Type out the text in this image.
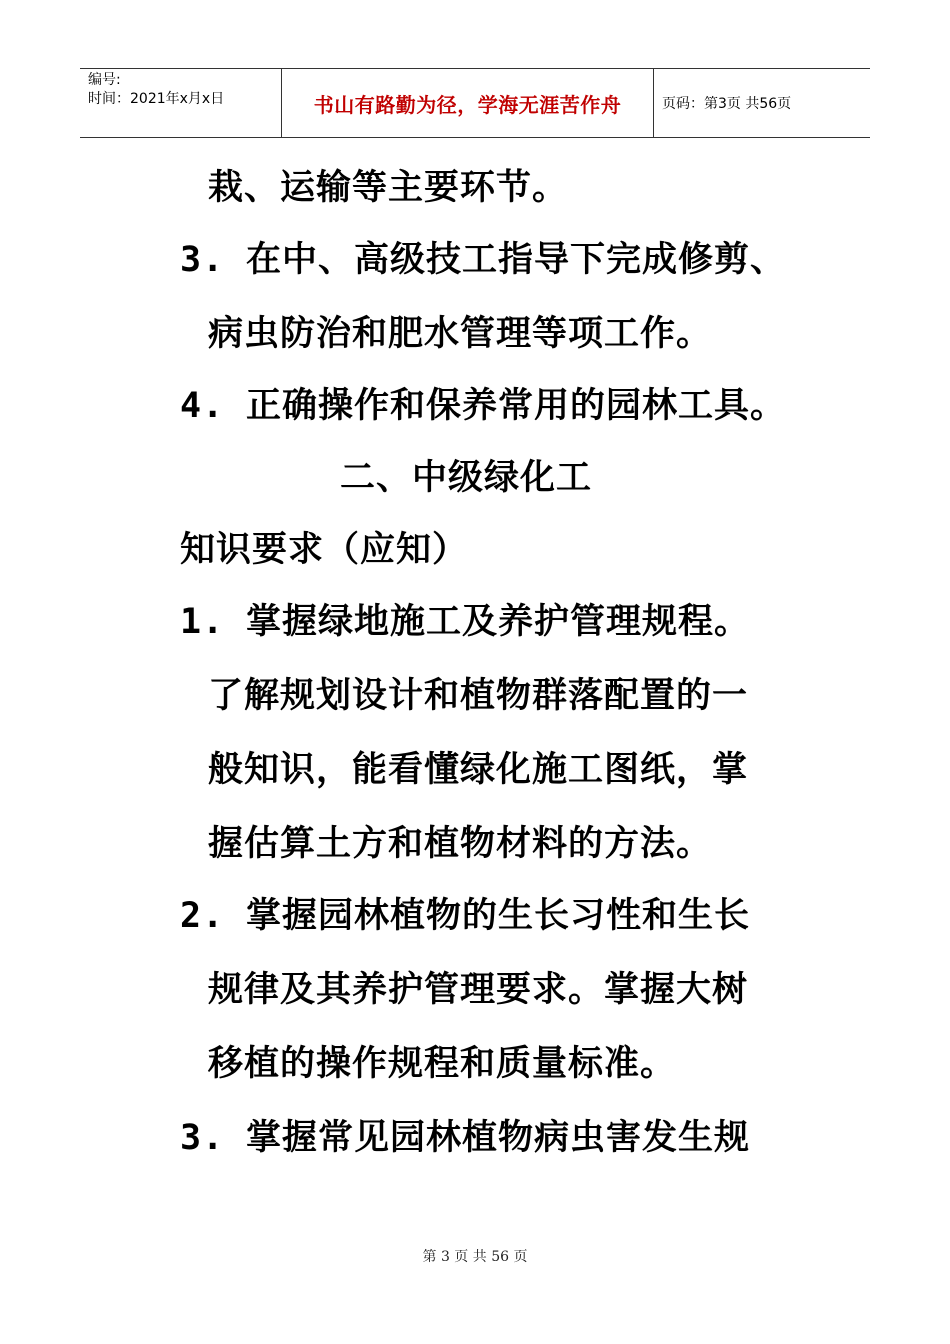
编号:
时间：2021年x月x日	书山有路勤为径，学海无涯苦作舟	页码：第3页 共56页
栽、运输等主要环节。
3. 在中、高级技工指导下完成修剪、
病虫防治和肥水管理等项工作。
4. 正确操作和保养常用的园林工具。
二、中级绿化工
知识要求（应知）
1. 掌握绿地施工及养护管理规程。
了解规划设计和植物群落配置的一
般知识，能看懂绿化施工图纸，掌
握估算土方和植物材料的方法。
2. 掌握园林植物的生长习性和生长
规律及其养护管理要求。掌握大树
移植的操作规程和质量标准。
3. 掌握常见园林植物病虫害发生规
第 3 页 共 56 页
